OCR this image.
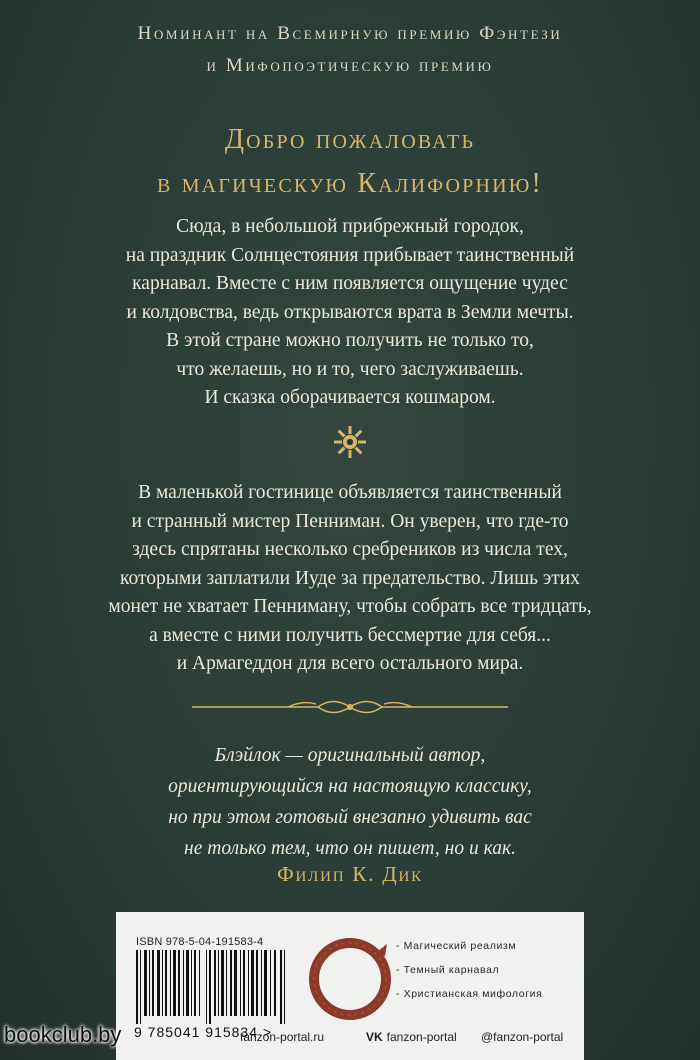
Номинант на Всемирную премию Фэнтези
и Мифопоэтическую премию
Добро пожаловать
в магическую Калифорнию!
Сюда, в небольшой прибрежный городок,
на праздник Солнцестояния прибывает таинственный
карнавал. Вместе с ним появляется ощущение чудес
и колдовства, ведь открываются врата в Земли мечты.
В этой стране можно получить не только то,
что желаешь, но и то, чего заслуживаешь.
И сказка оборачивается кошмаром.
В маленькой гостинице объявляется таинственный
и странный мистер Пенниман. Он уверен, что где-то
здесь спрятаны несколько сребреников из числа тех,
которыми заплатили Иуде за предательство. Лишь этих
монет не хватает Пенниману, чтобы собрать все тридцать,
а вместе с ними получить бессмертие для себя...
и Армагеддон для всего остального мира.
Блэйлок — оригинальный автор,
ориентирующийся на настоящую классику,
но при этом готовый внезапно удивить вас
не только тем, что он пишет, но и как.
Филип К. Дик
ISBN 978-5-04-191583-4
9 785041 915834 >
- Магический реализм
- Темный карнавал
- Христианская мифология
fanzon-portal.ru	VK fanzon-portal @fanzon-portal
bookclub.by
